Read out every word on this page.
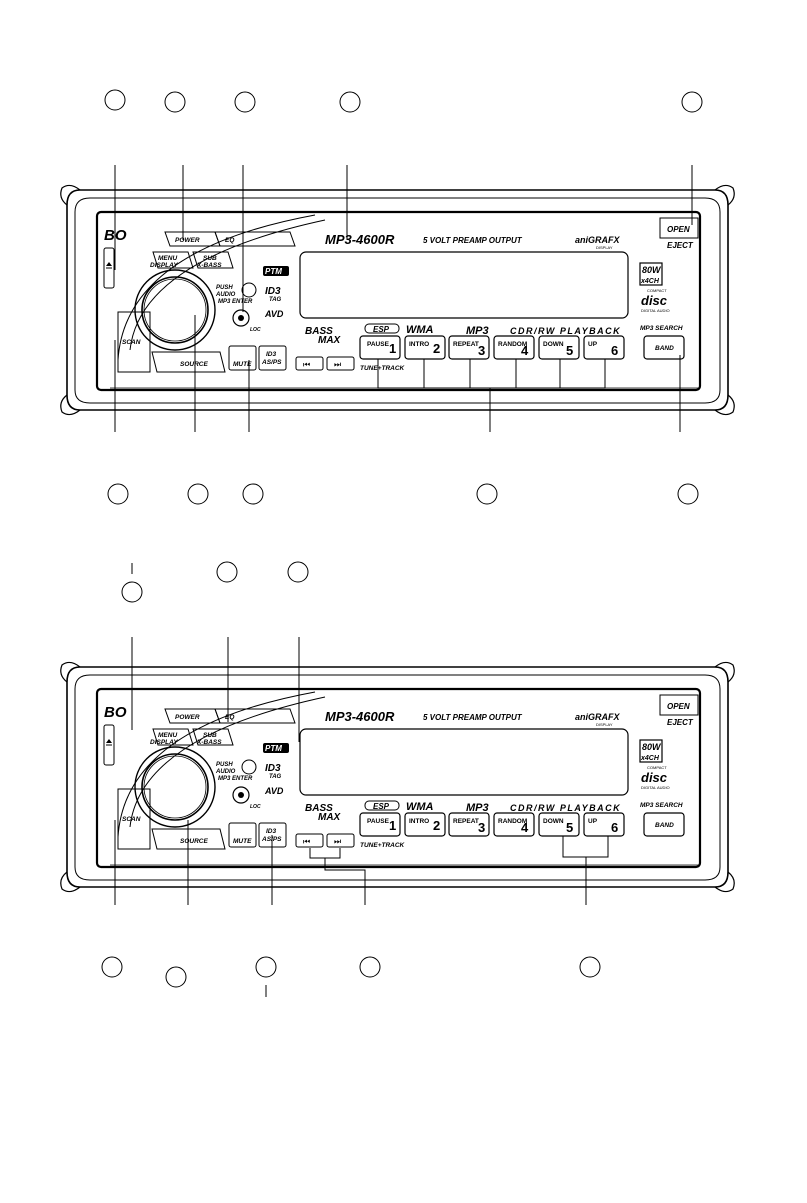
BO	MP3-4600R	5 VOLT PREAMP OUTPUT	aniGRAFX
DISPLAY
OPEN
EJECT
POWER	EQ
MENU
DISPLAY
SUB
X-BASS
PUSH
AUDIO
MP3 ENTER
LOC
PTM
ID3
TAG
AVD
80W
x4CH
COMPACT
disc
DIGITAL AUDIO
SCAN
SOURCE	MUTE
ID3
AS/PS	⏮	⏭	TUNE+TRACK
BASS
MAX
ESP WMA	MP3 CDR/RW PLAYBACK	MP3 SEARCH
BAND
PAUSE 1 INTRO 2 REPEAT 3 RANDOM
4 DOWN 5 UP 6
BO	MP3-4600R	5 VOLT PREAMP OUTPUT	aniGRAFX
DISPLAY
OPEN
EJECT
POWER	EQ
MENU
DISPLAY
SUB
X-BASS
PUSH
AUDIO
MP3 ENTER
LOC
PTM
ID3
TAG
AVD
80W
x4CH
COMPACT
disc
DIGITAL AUDIO
SCAN
SOURCE	MUTE
ID3
AS/PS	⏮	⏭	TUNE+TRACK
BASS
MAX
ESP WMA	MP3 CDR/RW PLAYBACK	MP3 SEARCH
BAND
PAUSE 1 INTRO 2 REPEAT 3 RANDOM
4 DOWN 5 UP 6
